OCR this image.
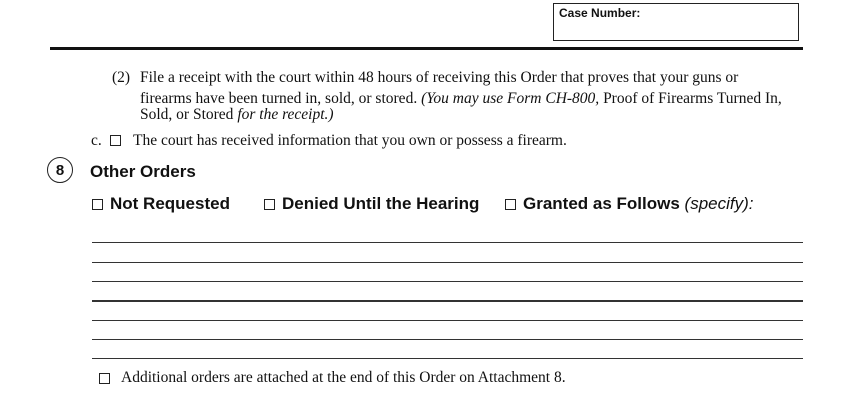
Case Number:
(2) File a receipt with the court within 48 hours of receiving this Order that proves that your guns or
firearms have been turned in, sold, or stored. (You may use Form CH-800, Proof of Firearms Turned In,
Sold, or Stored for the receipt.)
c. The court has received information that you own or possess a firearm.
8	Other Orders
Not Requested	Denied Until the Hearing	Granted as Follows
(specify):
Additional orders are attached at the end of this Order on Attachment 8.
